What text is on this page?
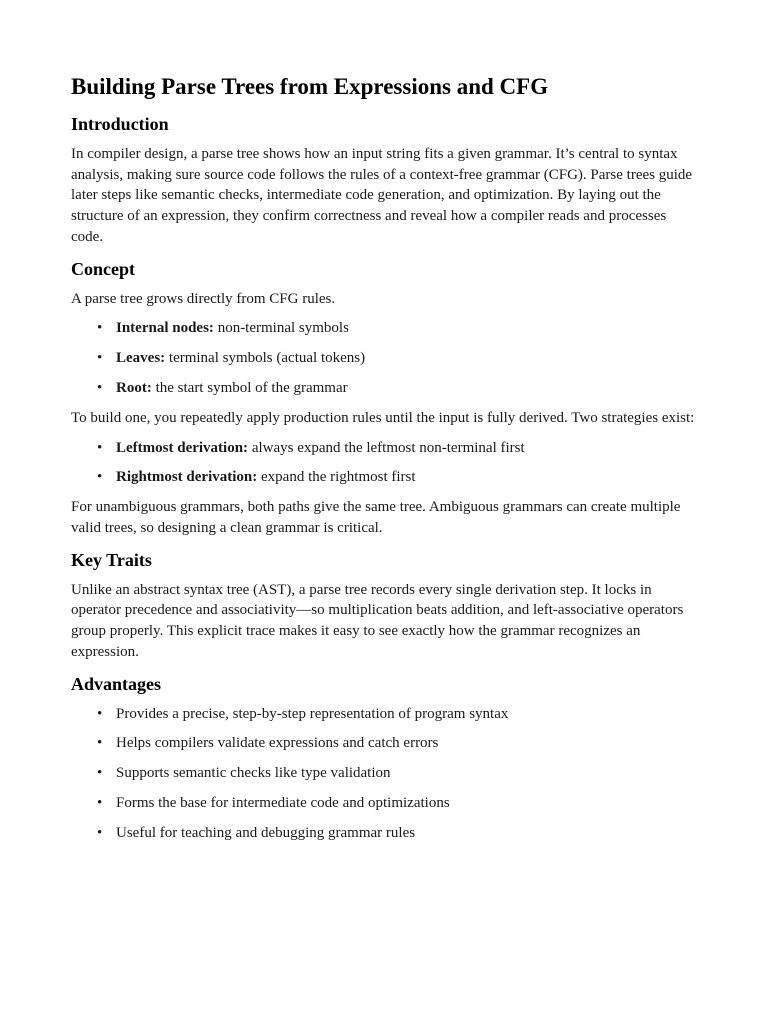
Building Parse Trees from Expressions and CFG
Introduction

In compiler design, a parse tree shows how an input string fits a given grammar. It’s central to syntax analysis, making sure source code follows the rules of a context-free grammar (CFG). Parse trees guide later steps like semantic checks, intermediate code generation, and optimization. By laying out the structure of an expression, they confirm correctness and reveal how a compiler reads and processes code.

Concept

A parse tree grows directly from CFG rules.

• Internal nodes: non-terminal symbols
• Leaves: terminal symbols (actual tokens)
• Root: the start symbol of the grammar

To build one, you repeatedly apply production rules until the input is fully derived. Two strategies exist:

• Leftmost derivation: always expand the leftmost non-terminal first
• Rightmost derivation: expand the rightmost first

For unambiguous grammars, both paths give the same tree. Ambiguous grammars can create multiple valid trees, so designing a clean grammar is critical.

Key Traits

Unlike an abstract syntax tree (AST), a parse tree records every single derivation step. It locks in operator precedence and associativity—so multiplication beats addition, and left-associative operators group properly. This explicit trace makes it easy to see exactly how the grammar recognizes an expression.

Advantages
• Provides a precise, step-by-step representation of program syntax
• Helps compilers validate expressions and catch errors
• Supports semantic checks like type validation
• Forms the base for intermediate code and optimizations
• Useful for teaching and debugging grammar rules
